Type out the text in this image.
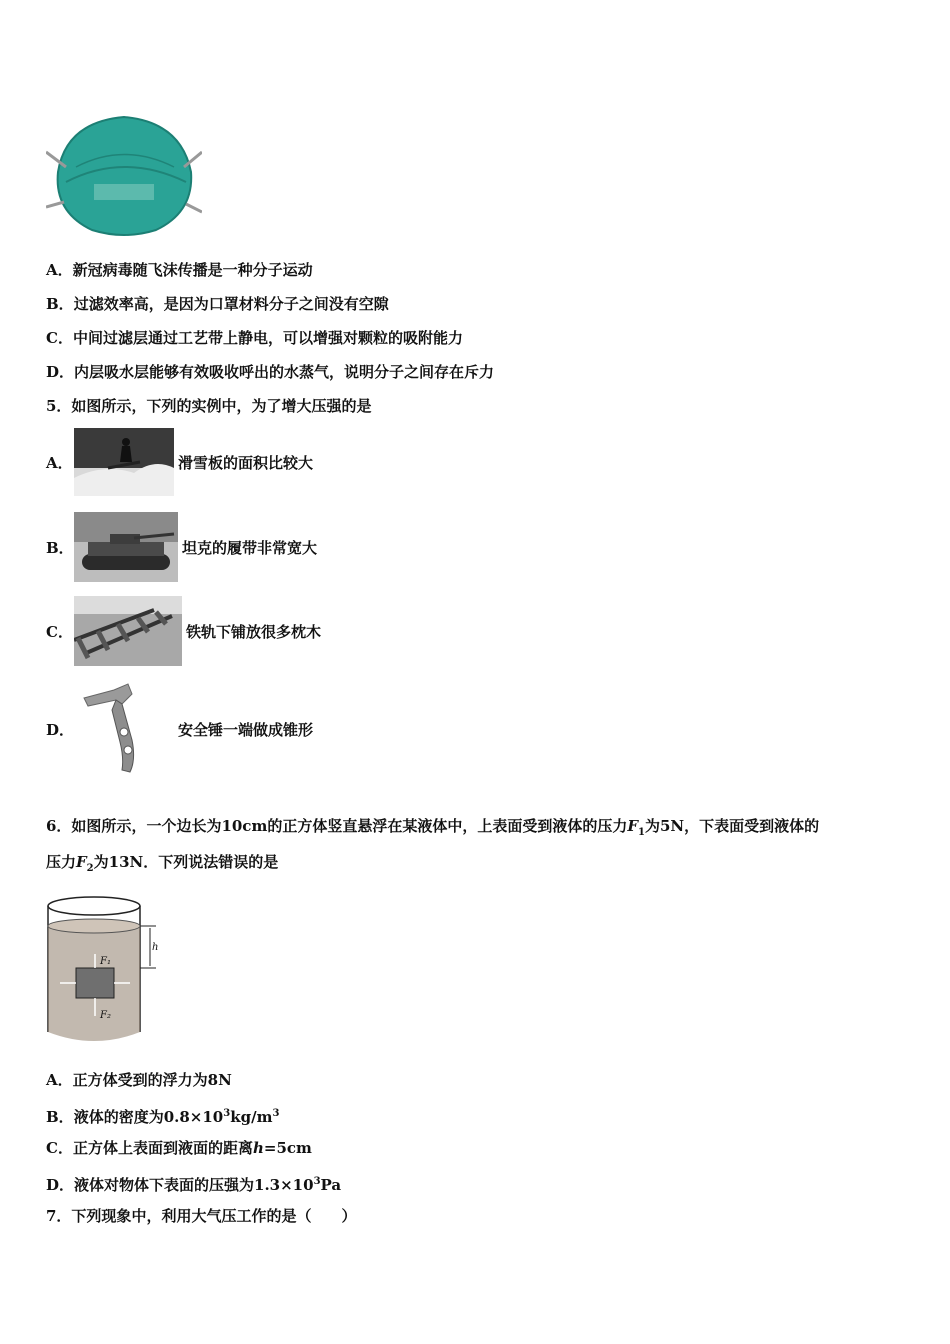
A．新冠病毒随飞沫传播是一种分子运动
B．过滤效率高，是因为口罩材料分子之间没有空隙
C．中间过滤层通过工艺带上静电，可以增强对颗粒的吸附能力
D．内层吸水层能够有效吸收呼出的水蒸气，说明分子之间存在斥力
5．如图所示，下列的实例中，为了增大压强的是
A．	滑雪板的面积比较大
B．	坦克的履带非常宽大
C．	铁轨下铺放很多枕木
D．	安全锤一端做成锥形
6．如图所示，一个边长为10cm的正方体竖直悬浮在某液体中，上表面受到液体的压力$F_1$为5N，下表面受到液体的
压力$F_2$为13N．下列说法错误的是
h
F₁
F₂
A．正方体受到的浮力为8N
B．液体的密度为$0.8\times 10^3kg/m^3$
C．正方体上表面到液面的距离h=5cm
D．液体对物体下表面的压强为$1.3\times 10^3Pa$
7．下列现象中，利用大气压工作的是（　　）
